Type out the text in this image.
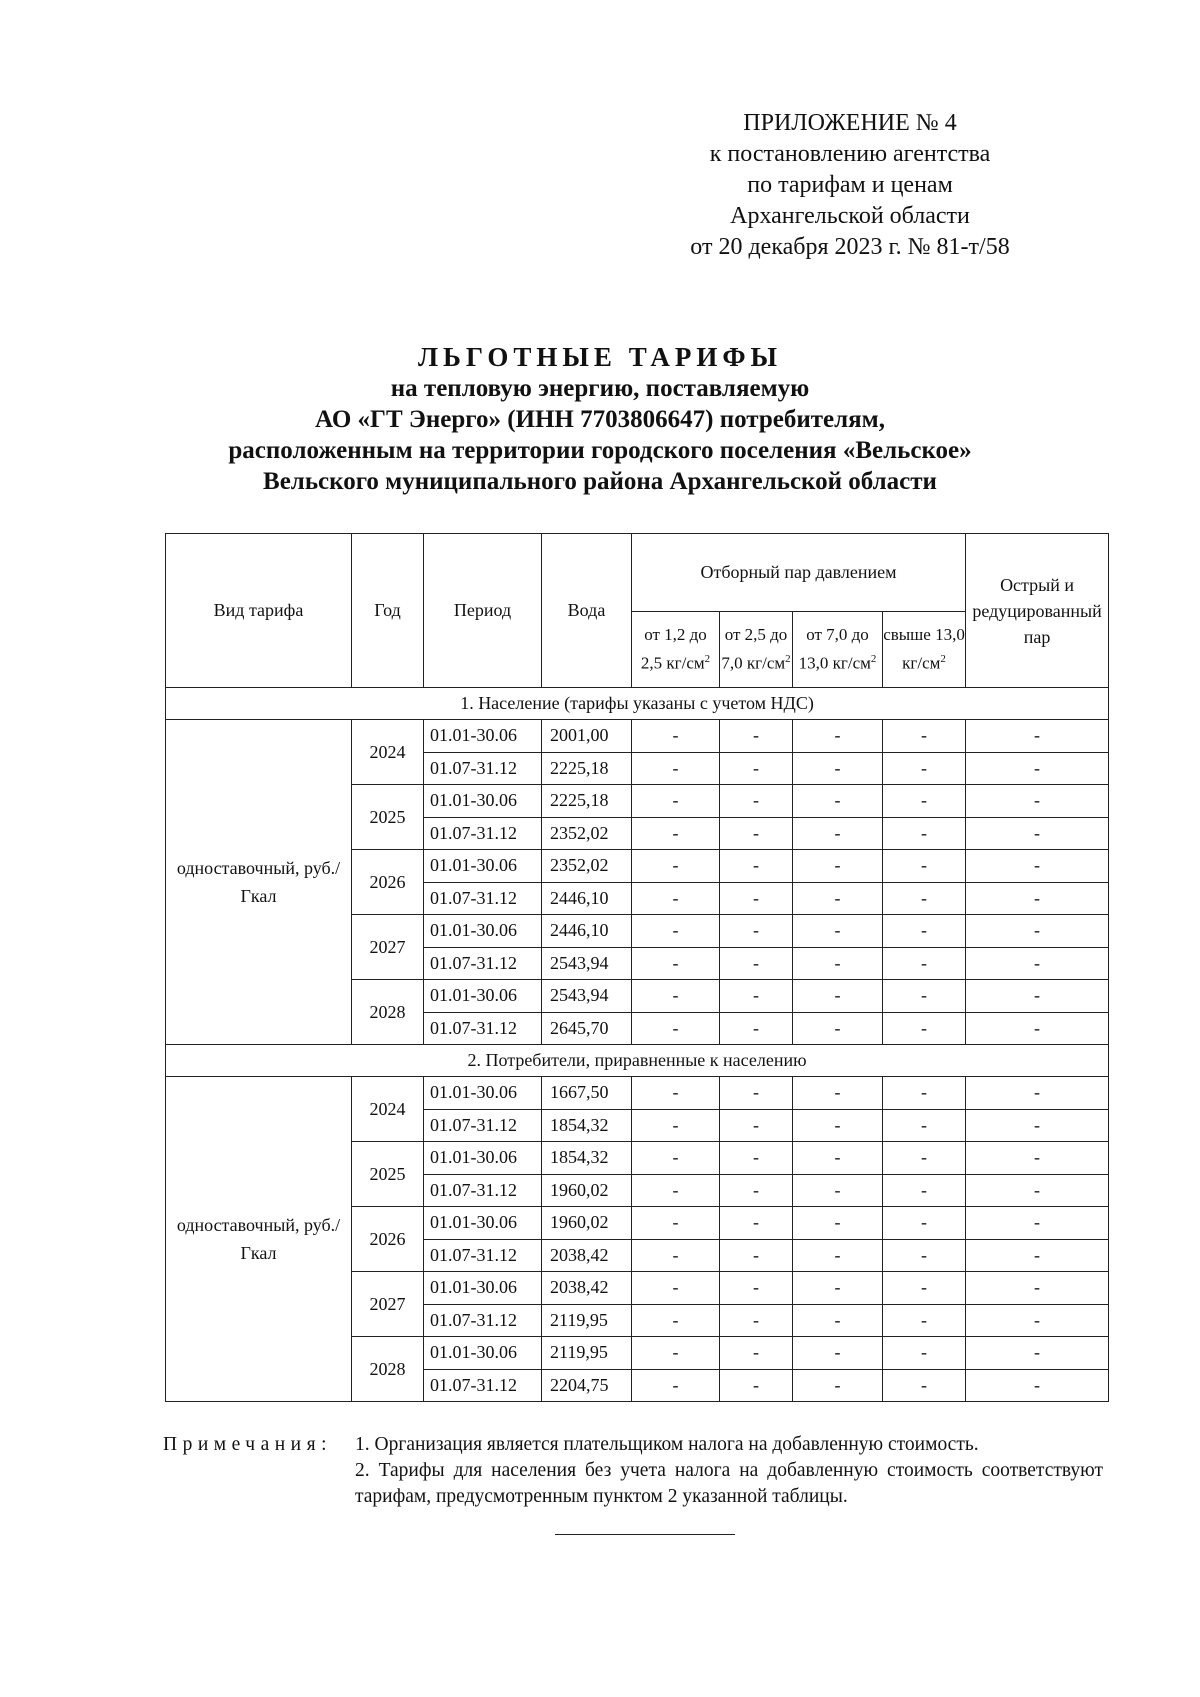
ПРИЛОЖЕНИЕ № 4
к постановлению агентства
по тарифам и ценам
Архангельской области
от 20 декабря 2023 г. № 81-т/58
ЛЬГОТНЫЕ ТАРИФЫ
на тепловую энергию, поставляемую
АО «ГТ Энерго» (ИНН 7703806647) потребителям,
расположенным на территории городского поселения «Вельское»
Вельского муниципального района Архангельской области
Вид тарифа	Год	Период	Вода	Отборный пар давлением				Острый и редуцированный пар
				от 1,2 до 2,5 $кг/см^2$	от 2,5 до 7,0 $кг/см^2$	от 7,0 до 13,0 $кг/см^2$	свыше 13,0 $кг/см^2$
1. Население (тарифы указаны с учетом НДС)								
одноставочный, руб./Гкал	2024	01.01-30.06	2001,00	-	-	-	-	-
		01.07-31.12	2225,18	-	-	-	-	-
	2025	01.01-30.06	2225,18	-	-	-	-	-
		01.07-31.12	2352,02	-	-	-	-	-
	2026	01.01-30.06	2352,02	-	-	-	-	-
		01.07-31.12	2446,10	-	-	-	-	-
	2027	01.01-30.06	2446,10	-	-	-	-	-
		01.07-31.12	2543,94	-	-	-	-	-
	2028	01.01-30.06	2543,94	-	-	-	-	-
		01.07-31.12	2645,70	-	-	-	-	-
2. Потребители, приравненные к населению								
одноставочный, руб./Гкал	2024	01.01-30.06	1667,50	-	-	-	-	-
		01.07-31.12	1854,32	-	-	-	-	-
	2025	01.01-30.06	1854,32	-	-	-	-	-
		01.07-31.12	1960,02	-	-	-	-	-
	2026	01.01-30.06	1960,02	-	-	-	-	-
		01.07-31.12	2038,42	-	-	-	-	-
	2027	01.01-30.06	2038,42	-	-	-	-	-
		01.07-31.12	2119,95	-	-	-	-	-
	2028	01.01-30.06	2119,95	-	-	-	-	-
		01.07-31.12	2204,75	-	-	-	-	-
Примечания: 1. Организация является плательщиком налога на добавленную стоимость.
2. Тарифы для населения без учета налога на добавленную стоимость соответствуют тарифам, предусмотренным пунктом 2 указанной таблицы.
